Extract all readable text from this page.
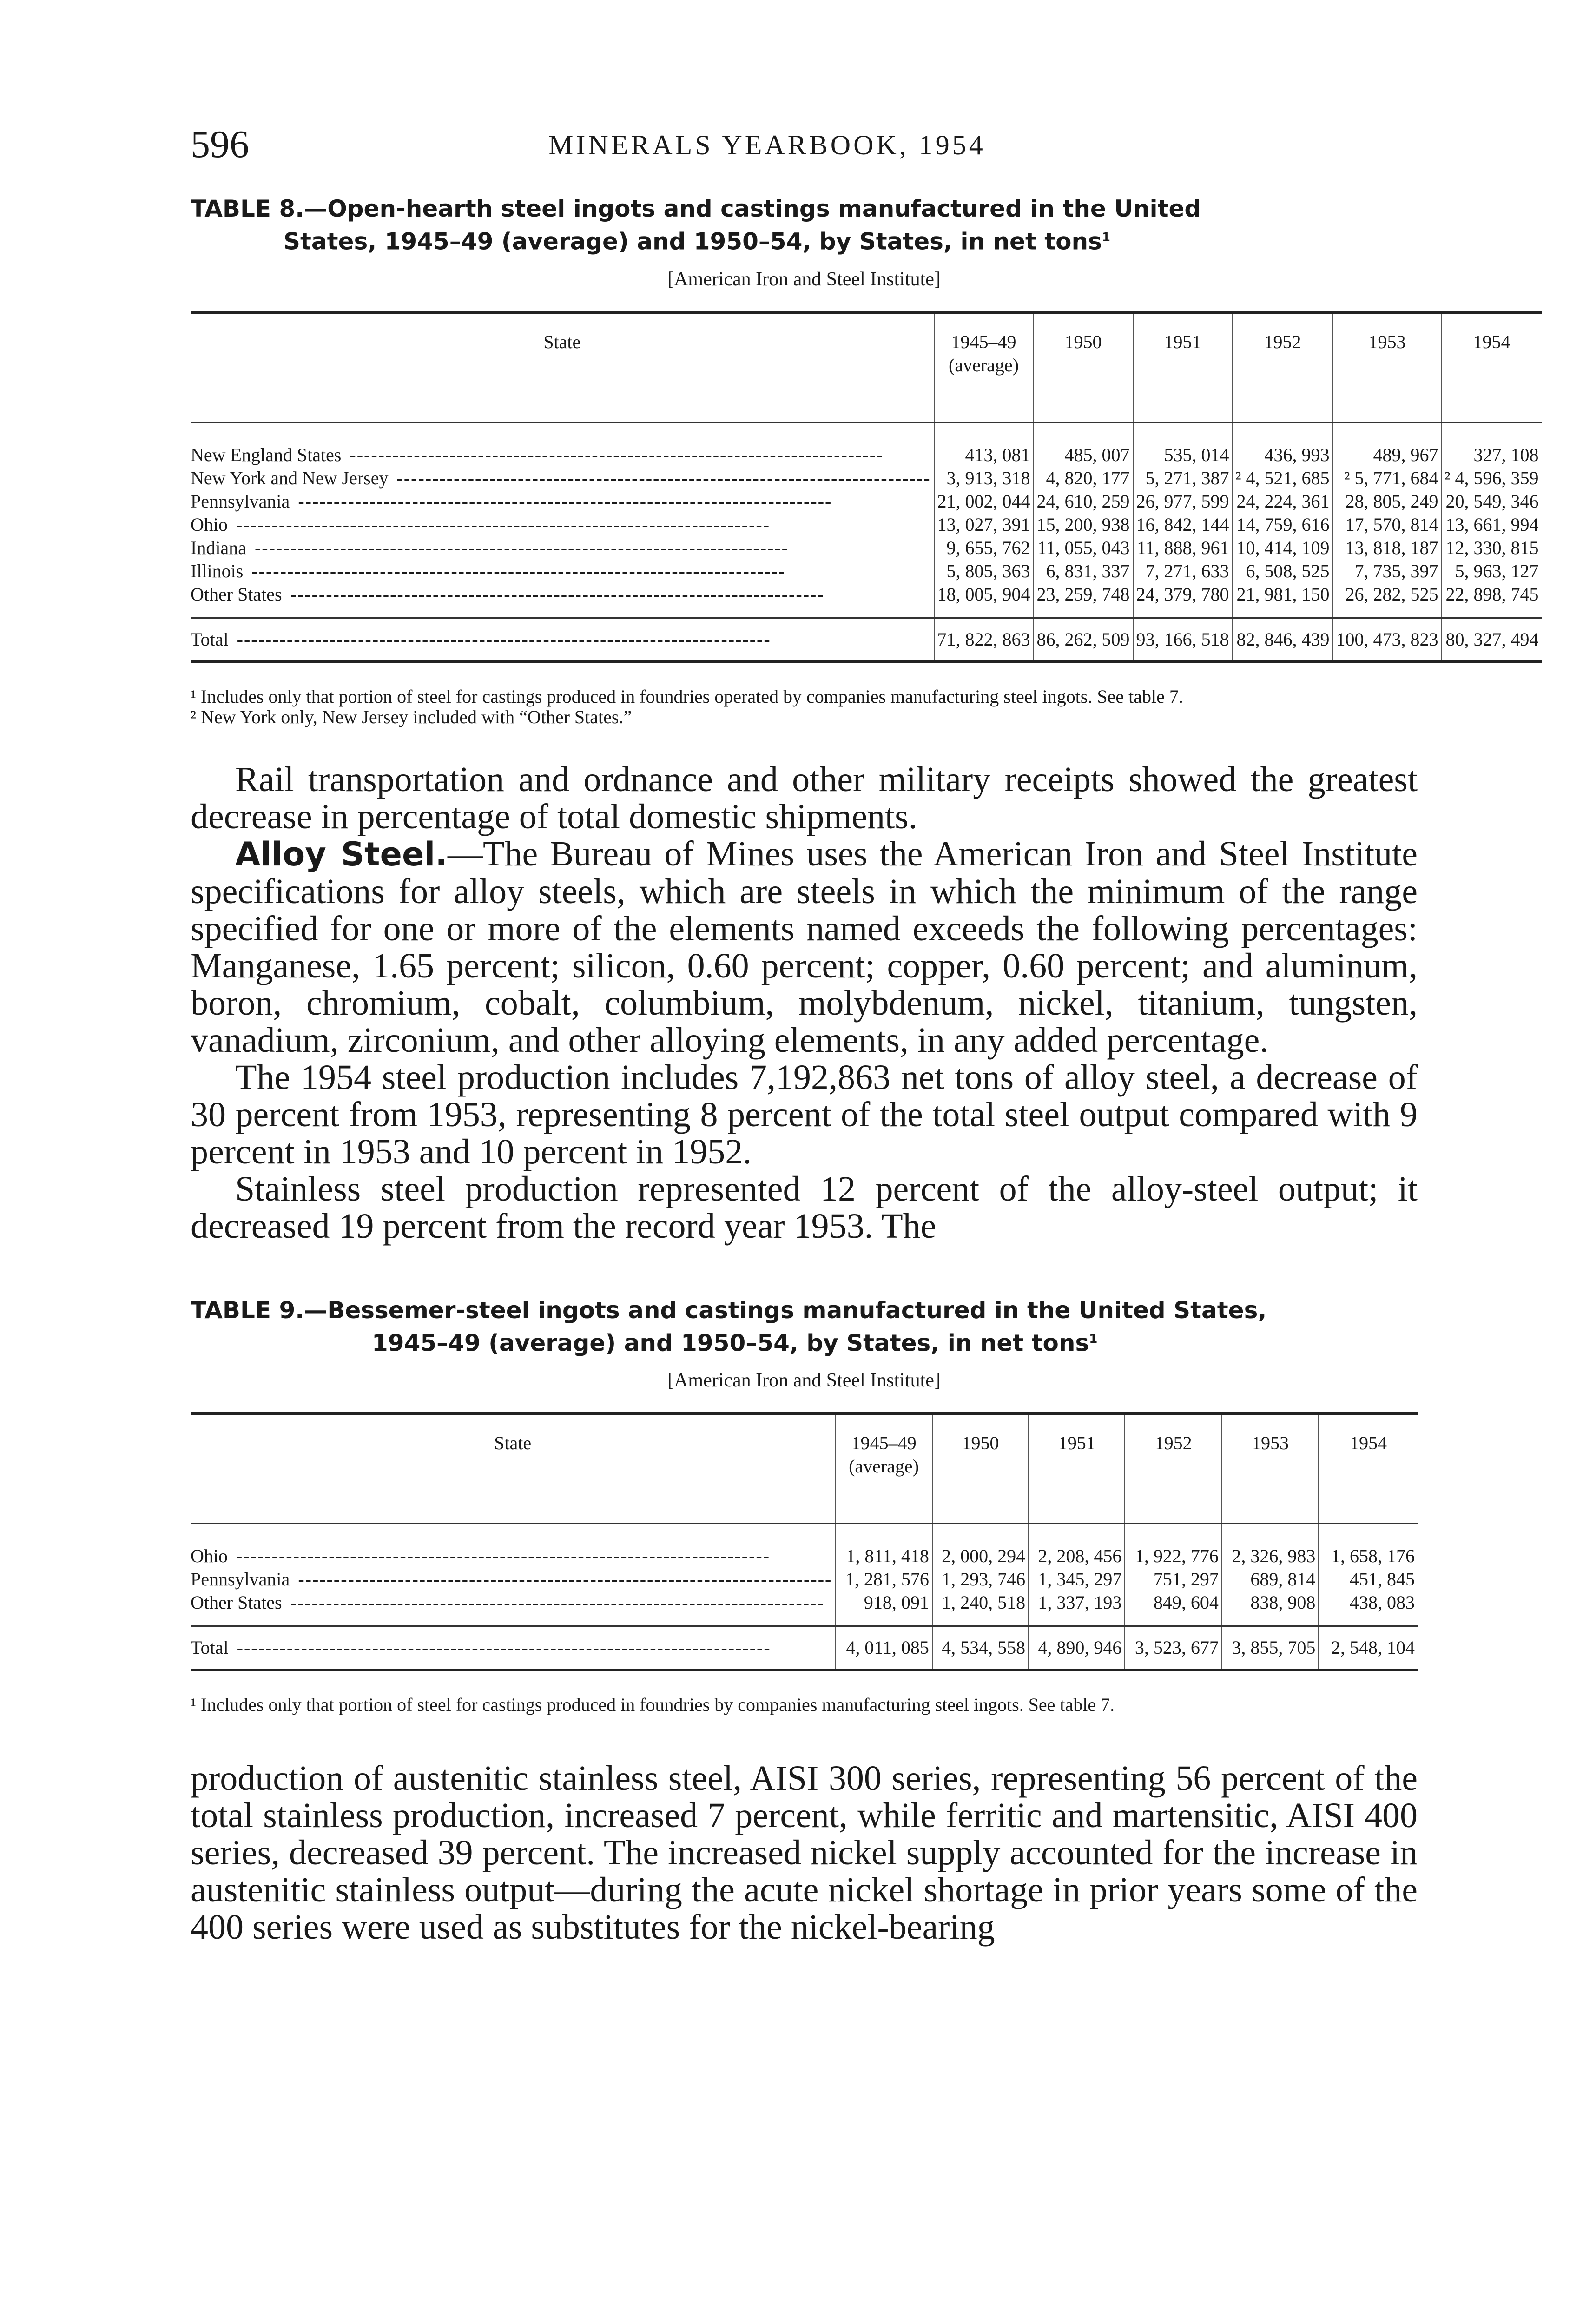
596	MINERALS YEARBOOK, 1954
TABLE 8.—Open-hearth steel ingots and castings manufactured in the United
States, 1945–49 (average) and 1950–54, by States, in net tons$^1$
[American Iron and Steel Institute]
State	1945–49 (average)	1950	1951	1952	1953	1954
New England States -----	413, 081	485, 007	535, 014	436, 993	489, 967	327, 108
New York and New Jersey -----	3, 913, 318	4, 820, 177	5, 271, 387	² 4, 521, 685	² 5, 771, 684	² 4, 596, 359
Pennsylvania -----	21, 002, 044	24, 610, 259	26, 977, 599	24, 224, 361	28, 805, 249	20, 549, 346
Ohio -----	13, 027, 391	15, 200, 938	16, 842, 144	14, 759, 616	17, 570, 814	13, 661, 994
Indiana -----	9, 655, 762	11, 055, 043	11, 888, 961	10, 414, 109	13, 818, 187	12, 330, 815
Illinois -----	5, 805, 363	6, 831, 337	7, 271, 633	6, 508, 525	7, 735, 397	5, 963, 127
Other States -----	18, 005, 904	23, 259, 748	24, 379, 780	21, 981, 150	26, 282, 525	22, 898, 745
Total -----	71, 822, 863	86, 262, 509	93, 166, 518	82, 846, 439	100, 473, 823	80, 327, 494

¹ Includes only that portion of steel for castings produced in foundries operated by companies manufacturing steel ingots. See table 7.

² New York only, New Jersey included with “Other States.”

Rail transportation and ordnance and other military receipts showed the greatest decrease in percentage of total domestic shipments.

Alloy Steel.—The Bureau of Mines uses the American Iron and Steel Institute specifications for alloy steels, which are steels in which the minimum of the range specified for one or more of the elements named exceeds the following percentages: Manganese, 1.65 percent; silicon, 0.60 percent; copper, 0.60 percent; and aluminum, boron, chromium, cobalt, columbium, molybdenum, nickel, titanium, tungsten, vanadium, zirconium, and other alloying elements, in any added percentage.

The 1954 steel production includes 7,192,863 net tons of alloy steel, a decrease of 30 percent from 1953, representing 8 percent of the total steel output compared with 9 percent in 1953 and 10 percent in 1952.

Stainless steel production represented 12 percent of the alloy-steel output; it decreased 19 percent from the record year 1953. The

TABLE 9.—Bessemer-steel ingots and castings manufactured in the United States,
1945–49 (average) and 1950–54, by States, in net tons$^1$
[American Iron and Steel Institute]
State	1945–49 (average)	1950	1951	1952	1953	1954
Ohio -----	1, 811, 418	2, 000, 294	2, 208, 456	1, 922, 776	2, 326, 983	1, 658, 176
Pennsylvania -----	1, 281, 576	1, 293, 746	1, 345, 297	751, 297	689, 814	451, 845
Other States -----	918, 091	1, 240, 518	1, 337, 193	849, 604	838, 908	438, 083
Total -----	4, 011, 085	4, 534, 558	4, 890, 946	3, 523, 677	3, 855, 705	2, 548, 104

¹ Includes only that portion of steel for castings produced in foundries by companies manufacturing steel ingots. See table 7.

production of austenitic stainless steel, AISI 300 series, representing 56 percent of the total stainless production, increased 7 percent, while ferritic and martensitic, AISI 400 series, decreased 39 percent. The increased nickel supply accounted for the increase in austenitic stainless output—during the acute nickel shortage in prior years some of the 400 series were used as substitutes for the nickel-bearing
